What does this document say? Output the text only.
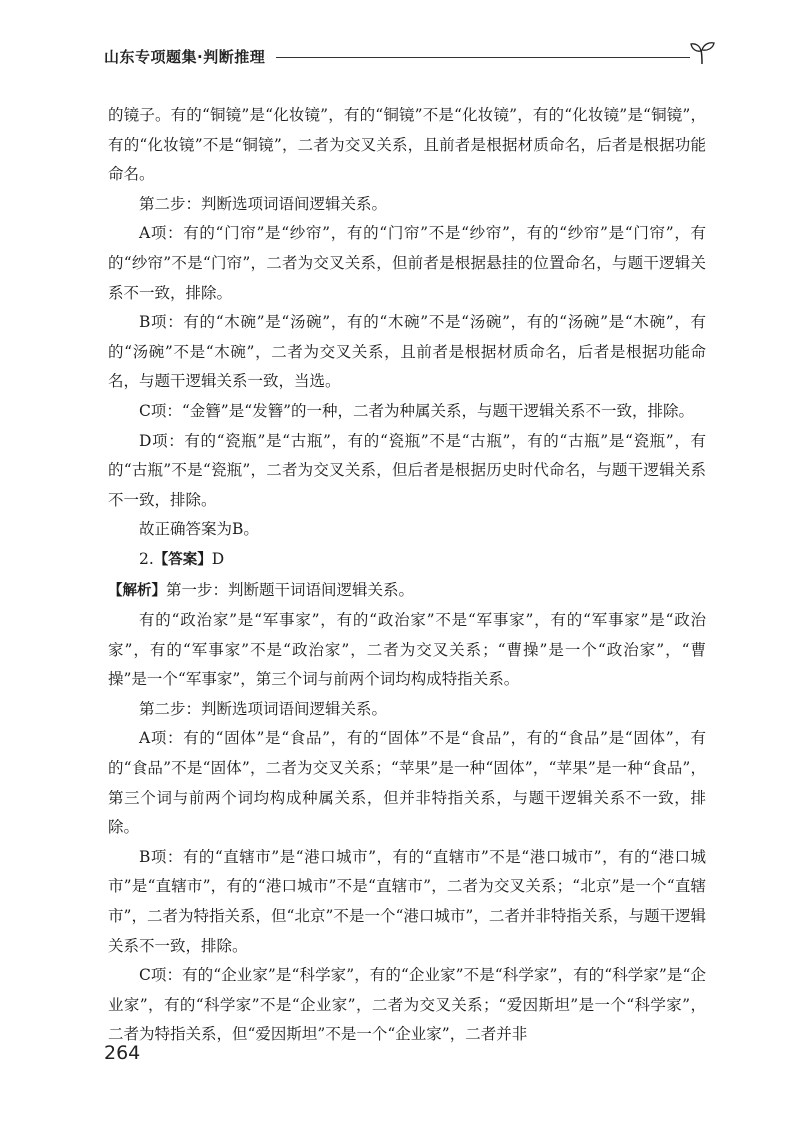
山东专项题集·判断推理

的镜子。有的“铜镜”是“化妆镜”，有的“铜镜”不是“化妆镜”，有的“化妆镜”是“铜镜”，有的“化妆镜”不是“铜镜”，二者为交叉关系，且前者是根据材质命名，后者是根据功能命名。

第二步：判断选项词语间逻辑关系。

A项：有的“门帘”是“纱帘”，有的“门帘”不是“纱帘”，有的“纱帘”是“门帘”，有的“纱帘”不是“门帘”，二者为交叉关系，但前者是根据悬挂的位置命名，与题干逻辑关系不一致，排除。

B项：有的“木碗”是“汤碗”，有的“木碗”不是“汤碗”，有的“汤碗”是“木碗”，有的“汤碗”不是“木碗”，二者为交叉关系，且前者是根据材质命名，后者是根据功能命名，与题干逻辑关系一致，当选。

C项：“金簪”是“发簪”的一种，二者为种属关系，与题干逻辑关系不一致，排除。

D项：有的“瓷瓶”是“古瓶”，有的“瓷瓶”不是“古瓶”，有的“古瓶”是“瓷瓶”，有的“古瓶”不是“瓷瓶”，二者为交叉关系，但后者是根据历史时代命名，与题干逻辑关系不一致，排除。

故正确答案为B。

2.【答案】D

【解析】第一步：判断题干词语间逻辑关系。

有的“政治家”是“军事家”，有的“政治家”不是“军事家”，有的“军事家”是“政治家”，有的“军事家”不是“政治家”，二者为交叉关系；“曹操”是一个“政治家”，“曹操”是一个“军事家”，第三个词与前两个词均构成特指关系。

第二步：判断选项词语间逻辑关系。

A项：有的“固体”是“食品”，有的“固体”不是“食品”，有的“食品”是“固体”，有的“食品”不是“固体”，二者为交叉关系；“苹果”是一种“固体”，“苹果”是一种“食品”，第三个词与前两个词均构成种属关系，但并非特指关系，与题干逻辑关系不一致，排除。

B项：有的“直辖市”是“港口城市”，有的“直辖市”不是“港口城市”，有的“港口城市”是“直辖市”，有的“港口城市”不是“直辖市”，二者为交叉关系；“北京”是一个“直辖市”，二者为特指关系，但“北京”不是一个“港口城市”，二者并非特指关系，与题干逻辑关系不一致，排除。

C项：有的“企业家”是“科学家”，有的“企业家”不是“科学家”，有的“科学家”是“企业家”，有的“科学家”不是“企业家”，二者为交叉关系；“爱因斯坦”是一个“科学家”，二者为特指关系，但“爱因斯坦”不是一个“企业家”，二者并非

264
